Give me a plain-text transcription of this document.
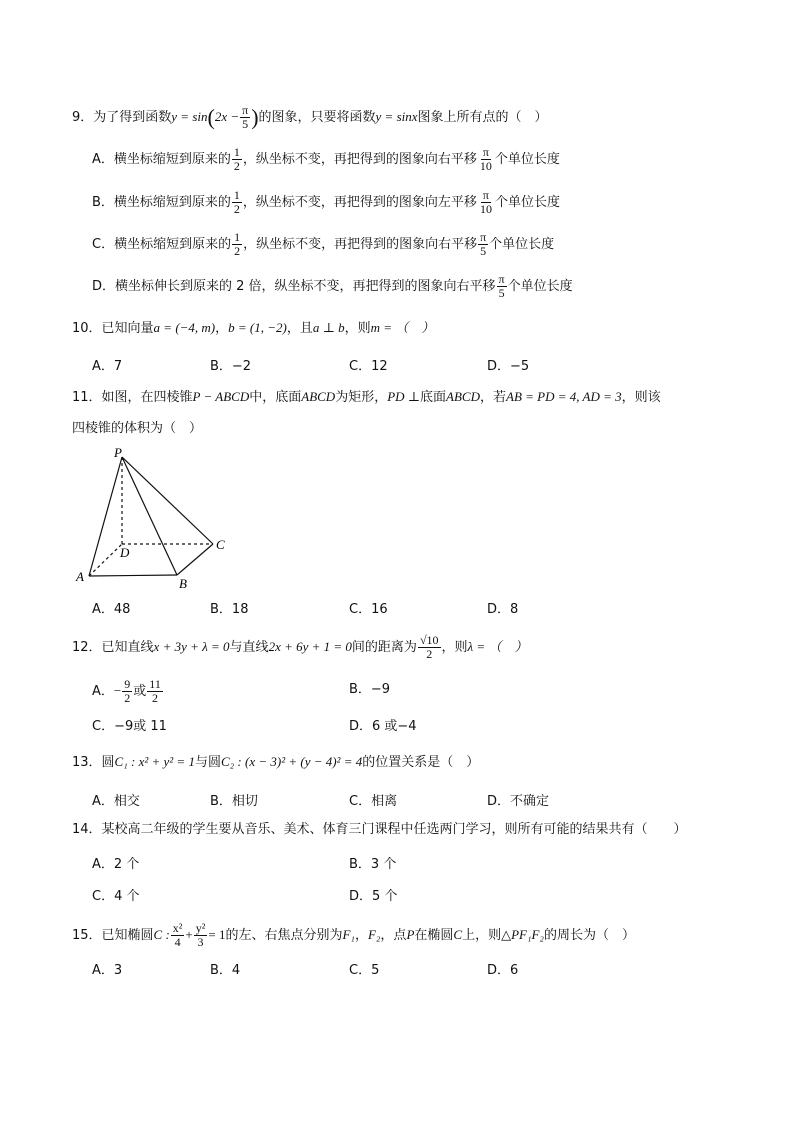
9．为了得到函数$y = \sin(2x - \frac{\pi}{5}$ )的图象，只要将函数y = sinx图象上所有点的（　）
A．横坐标缩短到原来的 $\frac{1}{2}$ ，纵坐标不变，再把得到的图象向右平移 $\frac{\pi}{10}$ 个单位长度
B．横坐标缩短到原来的 $\frac{1}{2}$ ，纵坐标不变，再把得到的图象向左平移 $\frac{\pi}{10}$ 个单位长度
C．横坐标缩短到原来的 $\frac{1}{2}$ ，纵坐标不变，再把得到的图象向右平移 $\frac{\pi}{5}$ 个单位长度
D．横坐标伸长到原来的 2 倍，纵坐标不变，再把得到的图象向右平移 $\frac{\pi}{5}$ 个单位长度
10．已知向量a = (−4, m)，b = (1, −2)，且a ⊥ b，则m = （　）
A．7	B．−2	C．12	D．−5
11．如图，在四棱锥P − ABCD中，底面ABCD为矩形，PD ⊥底面ABCD，若AB = PD = 4, AD = 3，则该
四棱锥的体积为（　）
P
A	B
C
D
A．48	B．18	C．16	D．8
12．已知直线x + 3y + λ = 0与直线2x + 6y + 1 = 0间的距离为 $\frac{√10}{2}$ ，则λ = （　）
A．− $\frac{9}{2}$ 或 $\frac{11}{2}$	B．−9
C．−9或 11	D．6 或−4
13．圆C₁ : x² + y² = 1与圆C₂ : (x − 3)² + (y − 4)² = 4的位置关系是（　）
A．相交	B．相切	C．相离	D．不确定
14．某校高二年级的学生要从音乐、美术、体育三门课程中任选两门学习，则所有可能的结果共有（　　）
A．2 个	B．3 个
C．4 个	D．5 个
15．已知椭圆C : $\frac{\text{x²}}{4} + \frac{\text{y²}}{3} = 1$的左、右焦点分别为F₁，F₂，点P在椭圆C上，则△PF₁F₂的周长为（　）
A．3	B．4	C．5	D．6
